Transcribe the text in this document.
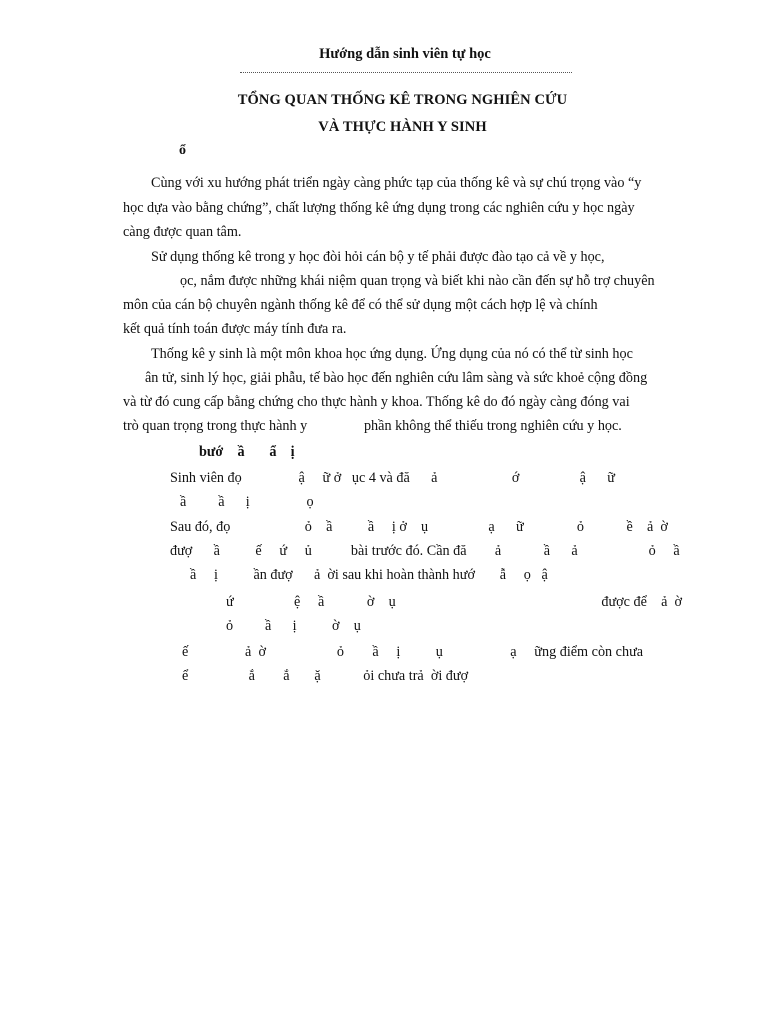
Hướng dẫn sinh viên tự học
TỔNG QUAN THỐNG KÊ TRONG NGHIÊN CỨU
VÀ THỰC HÀNH Y SINH
ổ
Cùng với xu hướng phát triển ngày càng phức tạp của thống kê và sự chú trọng vào “y
học dựa vào bằng chứng”, chất lượng thống kê ứng dụng trong các nghiên cứu y học ngày
càng được quan tâm.
Sử dụng thống kê trong y học đòi hỏi cán bộ y tế phải được đào tạo cả về y học,
ọc, nắm được những khái niệm quan trọng và biết khi nào cần đến sự hỗ trợ chuyên
môn của cán bộ chuyên ngành thống kê để có thể sử dụng một cách hợp lệ và chính
kết quả tính toán được máy tính đưa ra.
Thống kê y sinh là một môn khoa học ứng dụng. Ứng dụng của nó có thể từ sinh học
ân tử, sinh lý học, giải phẫu, tế bào học đến nghiên cứu lâm sàng và sức khoẻ cộng đồng
và từ đó cung cấp bằng chứng cho thực hành y khoa. Thống kê do đó ngày càng đóng vai
trò quan trọng trong thực hành y                phần không thể thiếu trong nghiên cứu y học.
bướ    ầ       ẩ    ị
Sinh viên đọ                ậ     ữ ở   ục 4 và đă      ả                     ớ                 ậ      ữ
ầ         ầ      ị                ọ
Sau đó, đọ                     ỏ    ầ          ầ     ị ở    ụ                 ạ      ữ               ỏ            ề    ả  ờ
đượ      ầ          ế     ứ     ủ           bài trước đó. Cần đă        ả            ầ      ả                    ỏ     ầ
ầ     ị          ần đượ      ả  ời sau khi hoàn thành hướ       ẫ     ọ   ậ
ứ                 ệ     ầ            ờ    ụ                                                          được để    ả  ờ
ỏ         ầ      ị          ờ    ụ
ế                ả  ờ                    ỏ        ầ     ị          ụ                   ạ     ững điểm còn chưa
ể                 ắ        ắ       ặ            ỏi chưa trả  ời đượ
